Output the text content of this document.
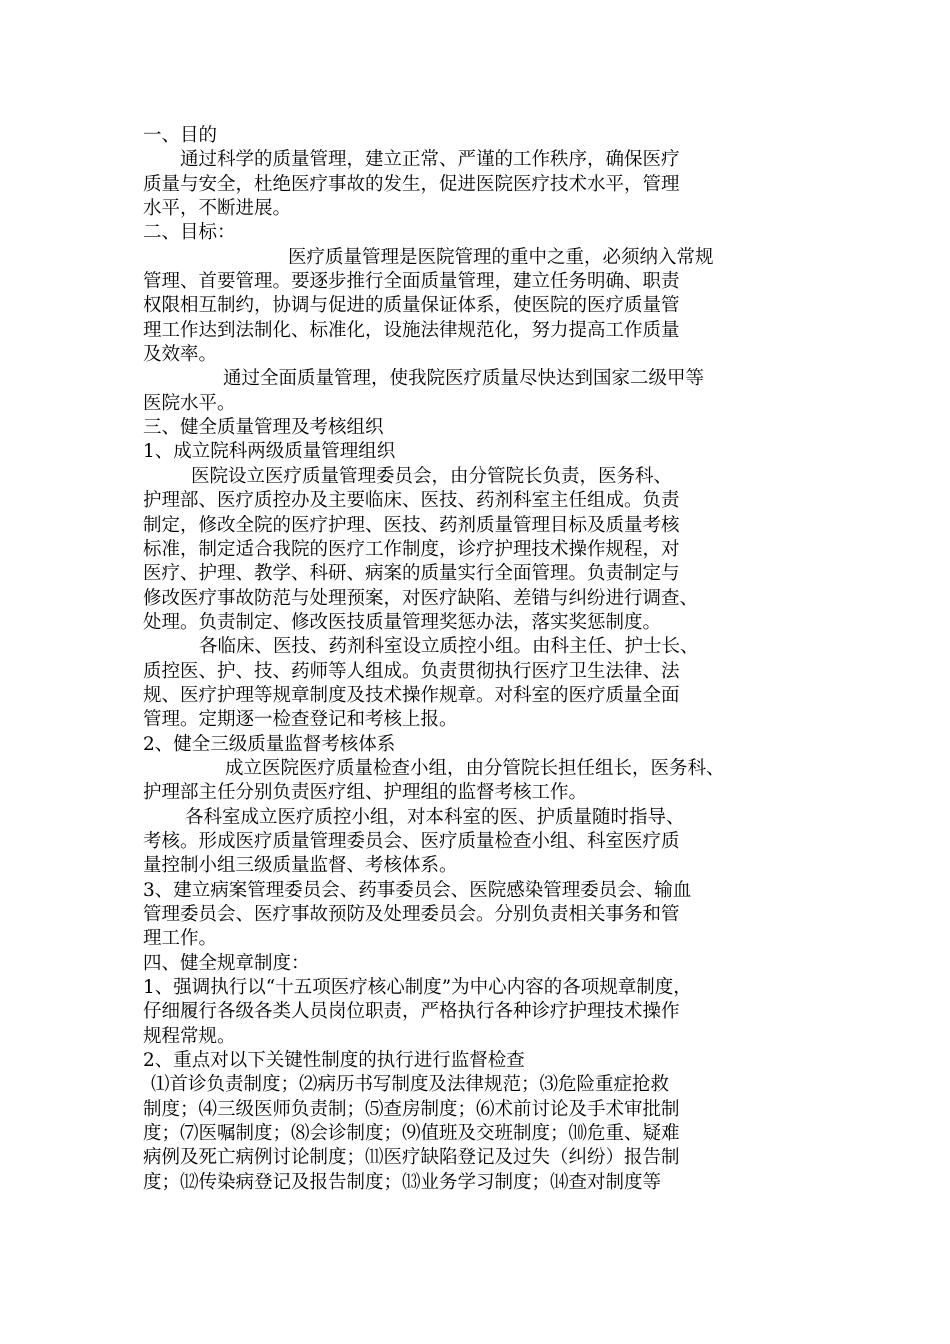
一、目的
通过科学的质量管理，建立正常、严谨的工作秩序，确保医疗
质量与安全，杜绝医疗事故的发生，促进医院医疗技术水平，管理
水平，不断进展。
二、目标：
医疗质量管理是医院管理的重中之重，必须纳入常规
管理、首要管理。要逐步推行全面质量管理，建立任务明确、职责
权限相互制约，协调与促进的质量保证体系，使医院的医疗质量管
理工作达到法制化、标准化，设施法律规范化，努力提高工作质量
及效率。
通过全面质量管理，使我院医疗质量尽快达到国家二级甲等
医院水平。
三、健全质量管理及考核组织
1、成立院科两级质量管理组织
医院设立医疗质量管理委员会，由分管院长负责，医务科、
护理部、医疗质控办及主要临床、医技、药剂科室主任组成。负责
制定，修改全院的医疗护理、医技、药剂质量管理目标及质量考核
标准，制定适合我院的医疗工作制度，诊疗护理技术操作规程，对
医疗、护理、教学、科研、病案的质量实行全面管理。负责制定与
修改医疗事故防范与处理预案，对医疗缺陷、差错与纠纷进行调查、
处理。负责制定、修改医技质量管理奖惩办法，落实奖惩制度。
各临床、医技、药剂科室设立质控小组。由科主任、护士长、
质控医、护、技、药师等人组成。负责贯彻执行医疗卫生法律、法
规、医疗护理等规章制度及技术操作规章。对科室的医疗质量全面
管理。定期逐一检查登记和考核上报。
2、健全三级质量监督考核体系
成立医院医疗质量检查小组，由分管院长担任组长，医务科、
护理部主任分别负责医疗组、护理组的监督考核工作。
各科室成立医疗质控小组，对本科室的医、护质量随时指导、
考核。形成医疗质量管理委员会、医疗质量检查小组、科室医疗质
量控制小组三级质量监督、考核体系。
3、建立病案管理委员会、药事委员会、医院感染管理委员会、输血
管理委员会、医疗事故预防及处理委员会。分别负责相关事务和管
理工作。
四、健全规章制度：
1、强调执行以“十五项医疗核心制度”为中心内容的各项规章制度，
仔细履行各级各类人员岗位职责，严格执行各种诊疗护理技术操作
规程常规。
2、重点对以下关键性制度的执行进行监督检查
⑴首诊负责制度；⑵病历书写制度及法律规范；⑶危险重症抢救
制度；⑷三级医师负责制；⑸查房制度；⑹术前讨论及手术审批制
度；⑺医嘱制度；⑻会诊制度；⑼值班及交班制度；⑽危重、疑难
病例及死亡病例讨论制度；⑾医疗缺陷登记及过失（纠纷）报告制
度；⑿传染病登记及报告制度；⒀业务学习制度；⒁查对制度等
